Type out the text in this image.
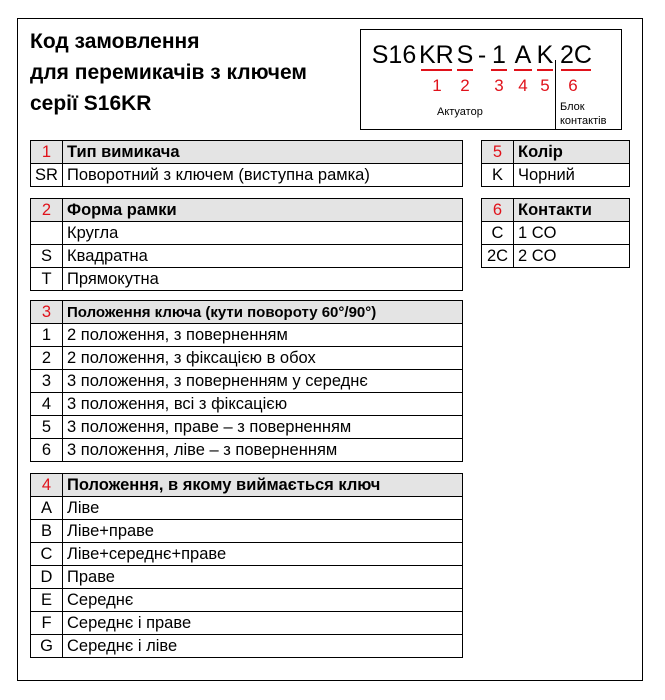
Код замовлення
для перемикачів з ключем
серії S16KR
S16 KR S - 1 A K 2C
1 2 3 4 5 6
Актуатор	Блок
контактів
1	Тип вимикача
SR	Поворотний з ключем (виступна рамка)
2	Форма рамки
	Кругла
S	Квадратна
T	Прямокутна
3	Положення ключа (кути повороту 60°/90°)
1	2 положення, з поверненням
2	2 положення, з фіксацією в обох
3	3 положення, з поверненням у середнє
4	3 положення, всі з фіксацією
5	3 положення, праве – з поверненням
6	3 положення, ліве – з поверненням
4	Положення, в якому виймається ключ
A	Ліве
B	Ліве+праве
C	Ліве+середнє+праве
D	Праве
E	Середнє
F	Середнє і праве
G	Середнє і ліве
5	Колір
K	Чорний
6	Контакти
C	1 CO
2C	2 CO
